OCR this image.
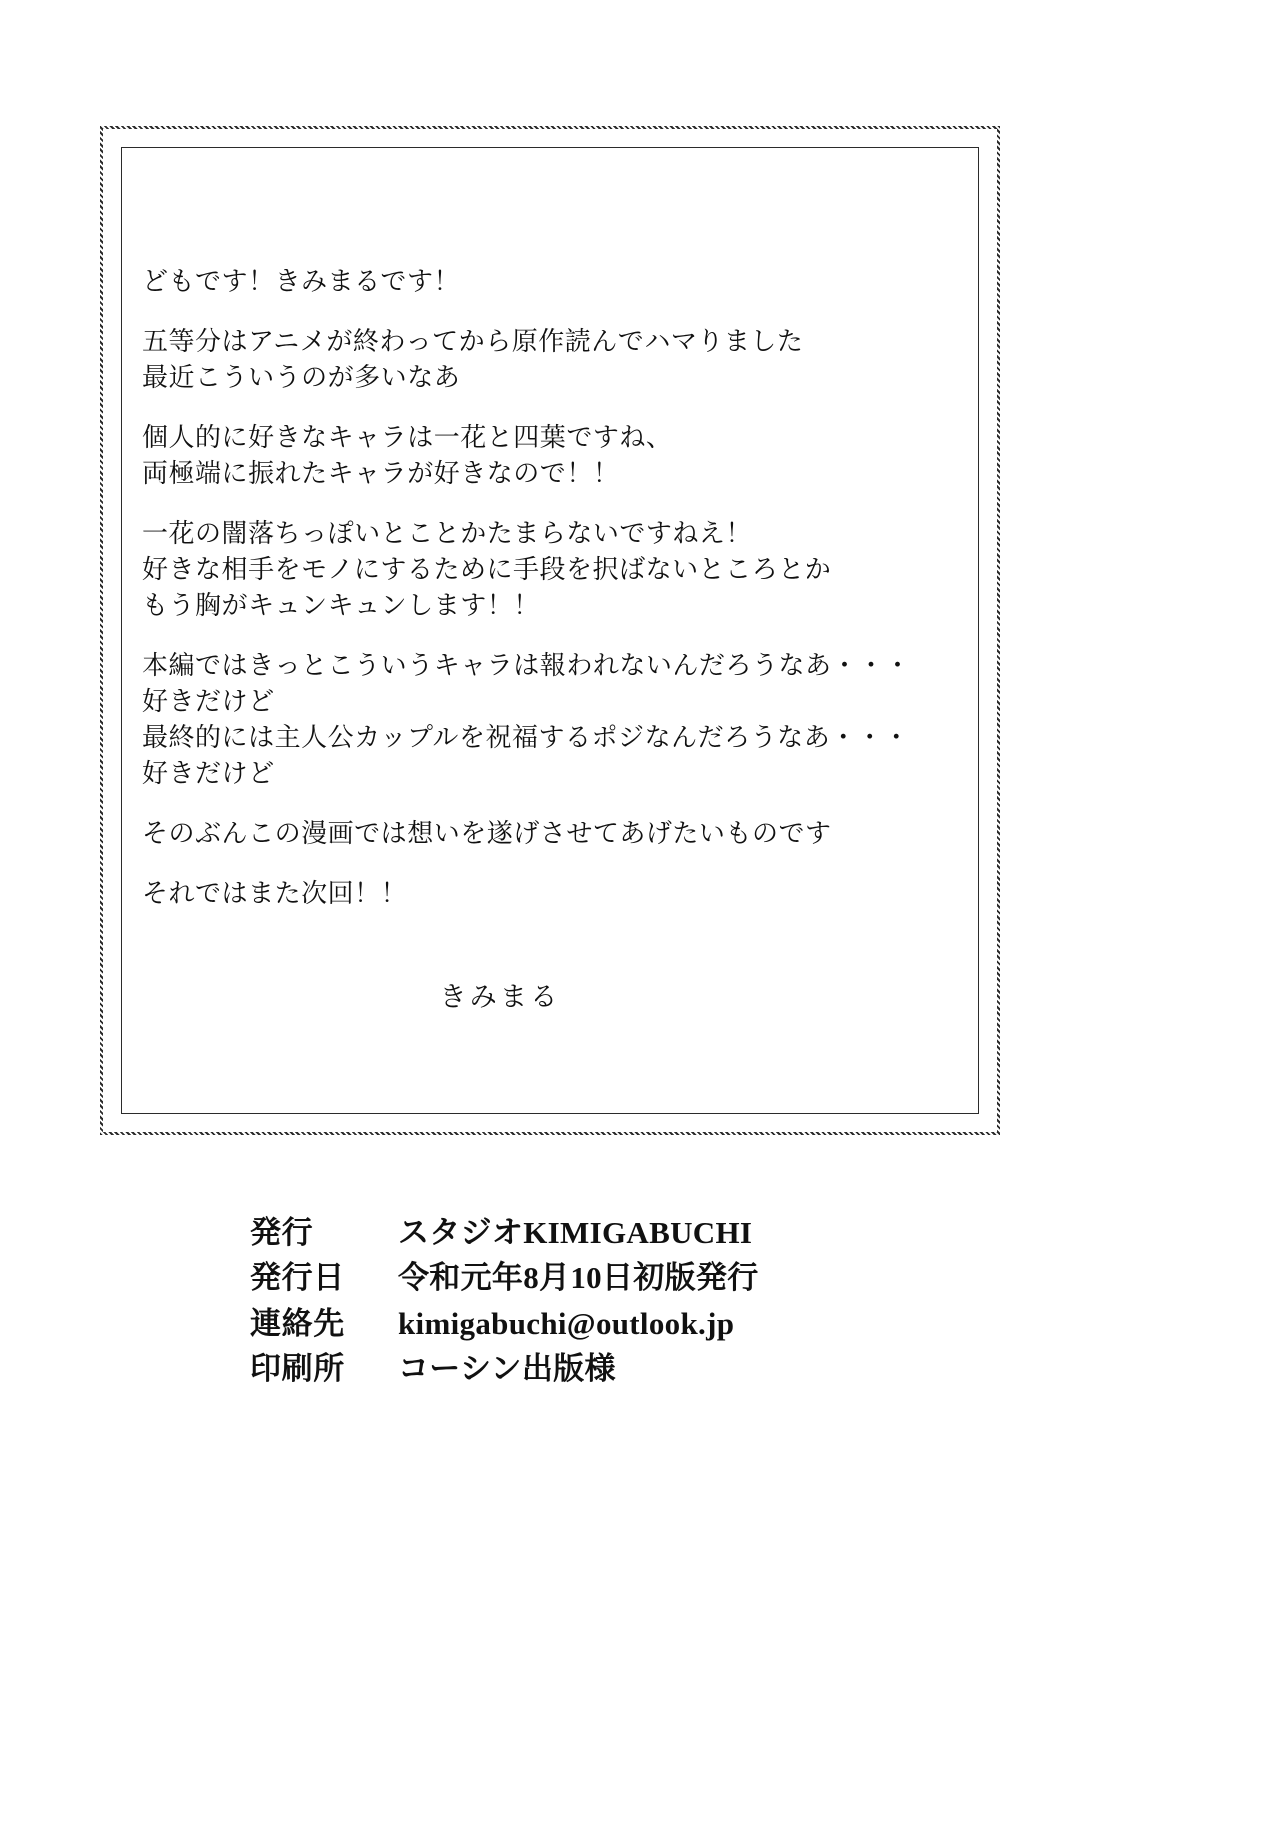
どもです！きみまるです！
五等分はアニメが終わってから原作読んでハマりました
最近こういうのが多いなあ
個人的に好きなキャラは一花と四葉ですね、
両極端に振れたキャラが好きなので！！
一花の闇落ちっぽいとことかたまらないですねえ！
好きな相手をモノにするために手段を択ばないところとか
もう胸がキュンキュンします！！
本編ではきっとこういうキャラは報われないんだろうなあ・・・
好きだけど
最終的には主人公カップルを祝福するポジなんだろうなあ・・・
好きだけど
そのぶんこの漫画では想いを遂げさせてあげたいものです
それではまた次回！！
きみまる
発行	スタジオKIMIGABUCHI
発行日	令和元年8月10日初版発行
連絡先	kimigabuchi@outlook.jp
印刷所	コーシン出版様
